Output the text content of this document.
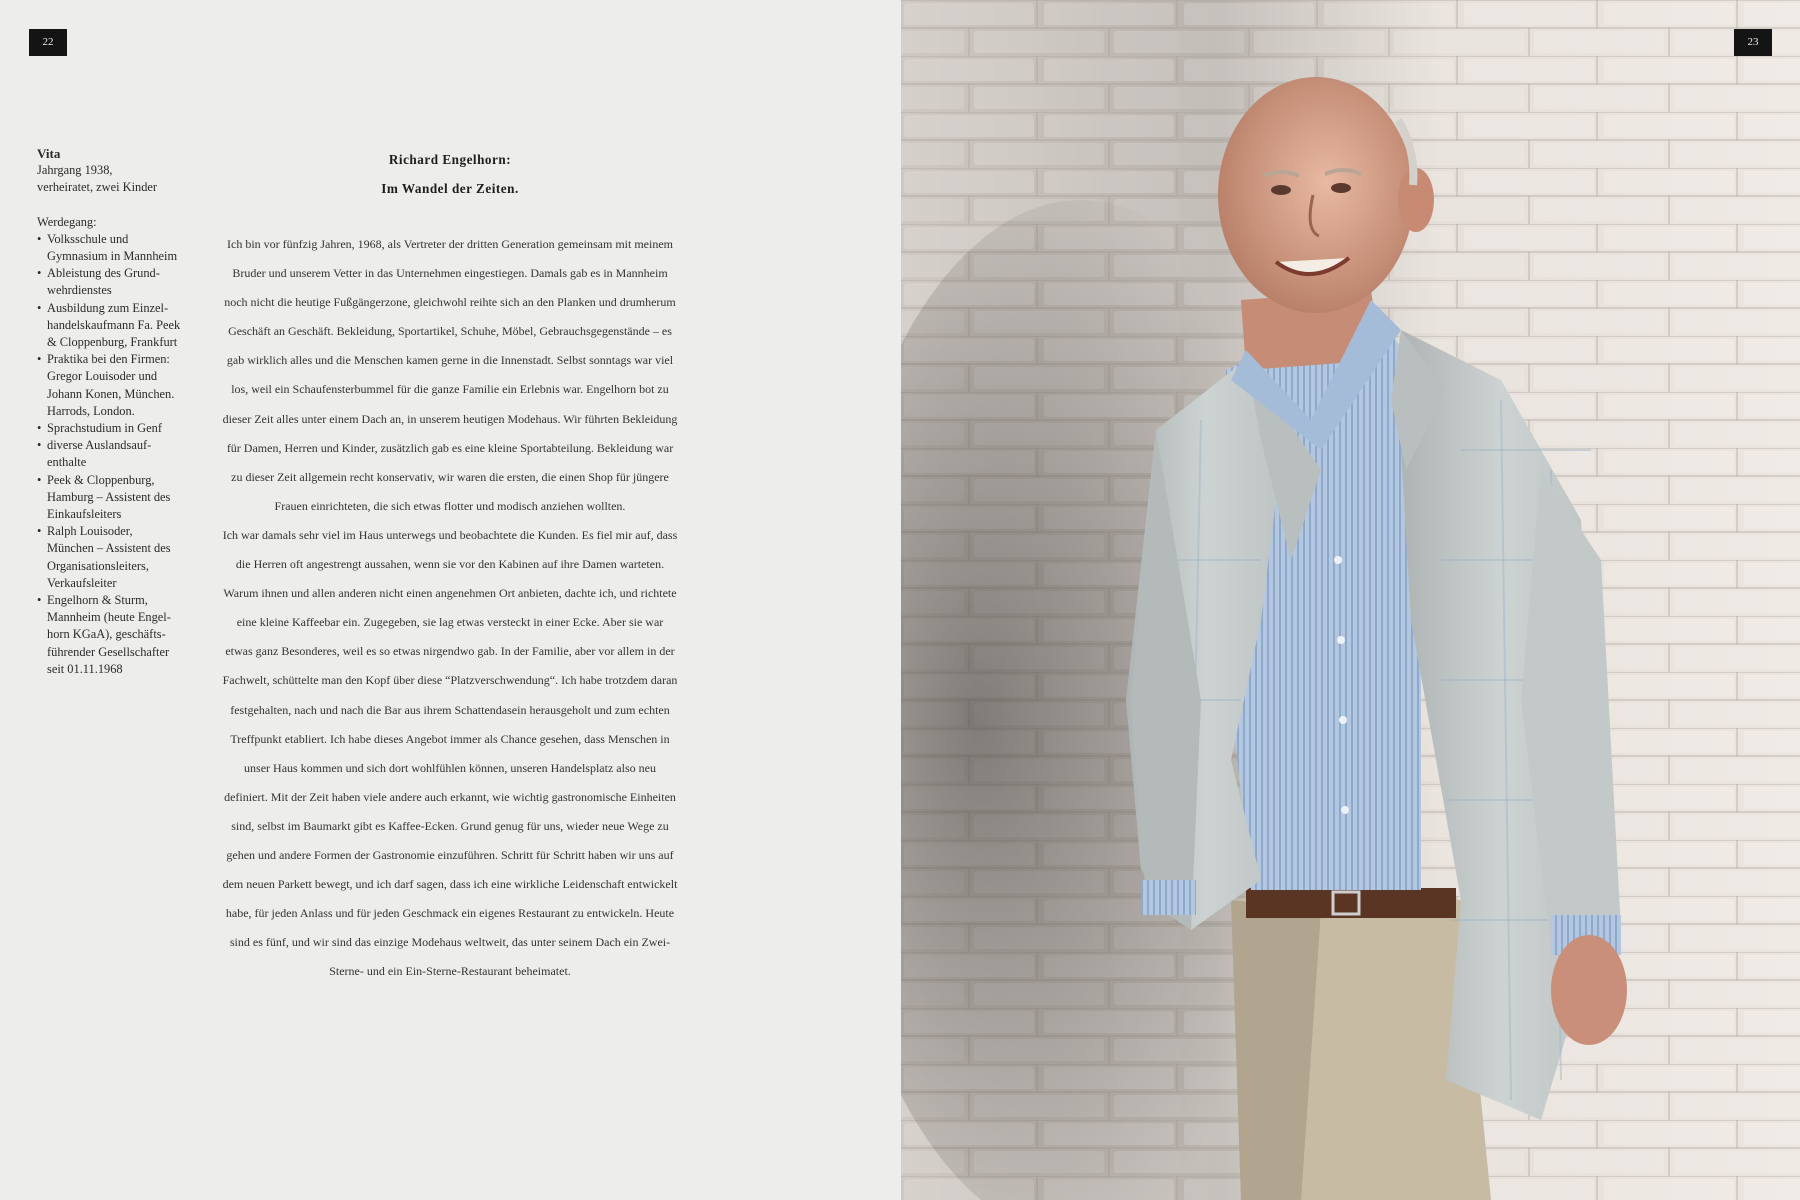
22
Vita
Jahrgang 1938,
verheiratet, zwei Kinder
Werdegang:
• Volksschule und
Gymnasium in Mannheim
• Ableistung des Grund-
wehrdienstes
• Ausbildung zum Einzel-
handelskaufmann Fa. Peek
& Cloppenburg, Frankfurt
• Praktika bei den Firmen:
Gregor Louisoder und
Johann Konen, München.
Harrods, London.
• Sprachstudium in Genf
• diverse Auslandsauf-
enthalte
• Peek & Cloppenburg,
Hamburg – Assistent des
Einkaufsleiters
• Ralph Louisoder,
München – Assistent des
Organisationsleiters,
Verkaufsleiter
• Engelhorn & Sturm,
Mannheim (heute Engel-
horn KGaA), geschäfts-
führender Gesellschafter
seit 01.11.1968
Richard Engelhorn:
Im Wandel der Zeiten.

Ich bin vor fünfzig Jahren, 1968, als Vertreter der dritten Generation gemeinsam mit meinem Bruder und unserem Vetter in das Unternehmen eingestiegen. Damals gab es in Mannheim noch nicht die heutige Fußgängerzone, gleichwohl reihte sich an den Planken und drumherum Geschäft an Geschäft. Bekleidung, Sportartikel, Schuhe, Möbel, Gebrauchsgegenstände – es gab wirklich alles und die Menschen kamen gerne in die Innenstadt. Selbst sonntags war viel los, weil ein Schaufensterbummel für die ganze Familie ein Erlebnis war. Engelhorn bot zu dieser Zeit alles unter einem Dach an, in unserem heutigen Modehaus. Wir führten Bekleidung für Damen, Herren und Kinder, zusätzlich gab es eine kleine Sportabteilung. Bekleidung war zu dieser Zeit allgemein recht konservativ, wir waren die ersten, die einen Shop für jüngere Frauen einrichteten, die sich etwas flotter und modisch anziehen wollten.

Ich war damals sehr viel im Haus unterwegs und beobachtete die Kunden. Es fiel mir auf, dass die Herren oft angestrengt aussahen, wenn sie vor den Kabinen auf ihre Damen warteten. Warum ihnen und allen anderen nicht einen angenehmen Ort anbieten, dachte ich, und richtete eine kleine Kaffeebar ein. Zugegeben, sie lag etwas versteckt in einer Ecke. Aber sie war etwas ganz Besonderes, weil es so etwas nirgendwo gab. In der Familie, aber vor allem in der Fachwelt, schüttelte man den Kopf über diese “Platzverschwendung“. Ich habe trotzdem daran festgehalten, nach und nach die Bar aus ihrem Schattendasein herausgeholt und zum echten Treffpunkt etabliert. Ich habe dieses Angebot immer als Chance gesehen, dass Menschen in unser Haus kommen und sich dort wohlfühlen können, unseren Handelsplatz also neu definiert. Mit der Zeit haben viele andere auch erkannt, wie wichtig gastronomische Einheiten sind, selbst im Baumarkt gibt es Kaffee-Ecken. Grund genug für uns, wieder neue Wege zu gehen und andere Formen der Gastronomie einzuführen. Schritt für Schritt haben wir uns auf dem neuen Parkett bewegt, und ich darf sagen, dass ich eine wirkliche Leidenschaft entwickelt habe, für jeden Anlass und für jeden Geschmack ein eigenes Restaurant zu entwickeln. Heute sind es fünf, und wir sind das einzige Modehaus weltweit, das unter seinem Dach ein Zwei-Sterne- und ein Ein-Sterne-Restaurant beheimatet.

23
